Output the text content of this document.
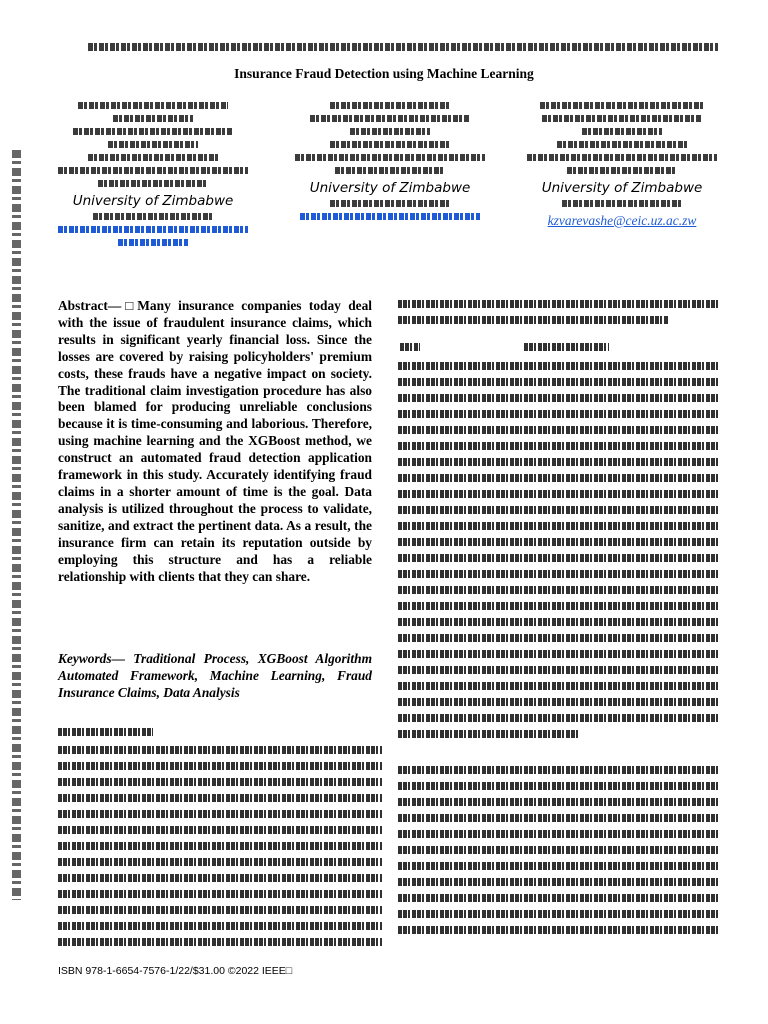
Insurance Fraud Detection using Machine Learning
University of Zimbabwe
University of Zimbabwe	University of Zimbabwe
kzvarevashe@ceic.uz.ac.zw
Abstract—□Many insurance companies today deal with the issue of fraudulent insurance claims, which results in significant yearly financial loss. Since the losses are covered by raising policyholders' premium costs, these frauds have a negative impact on society. The traditional claim investigation procedure has also been blamed for producing unreliable conclusions because it is time-consuming and laborious. Therefore, using machine learning and the XGBoost method, we construct an automated fraud detection application framework in this study. Accurately identifying fraud claims in a shorter amount of time is the goal. Data analysis is utilized throughout the process to validate, sanitize, and extract the pertinent data. As a result, the insurance firm can retain its reputation outside by employing this structure and has a reliable relationship with clients that they can share.
Keywords— Traditional Process, XGBoost Algorithm Automated Framework, Machine Learning, Fraud Insurance Claims, Data Analysis

ISBN 978-1-6654-7576-1/22/$31.00 ©2022 IEEE□
